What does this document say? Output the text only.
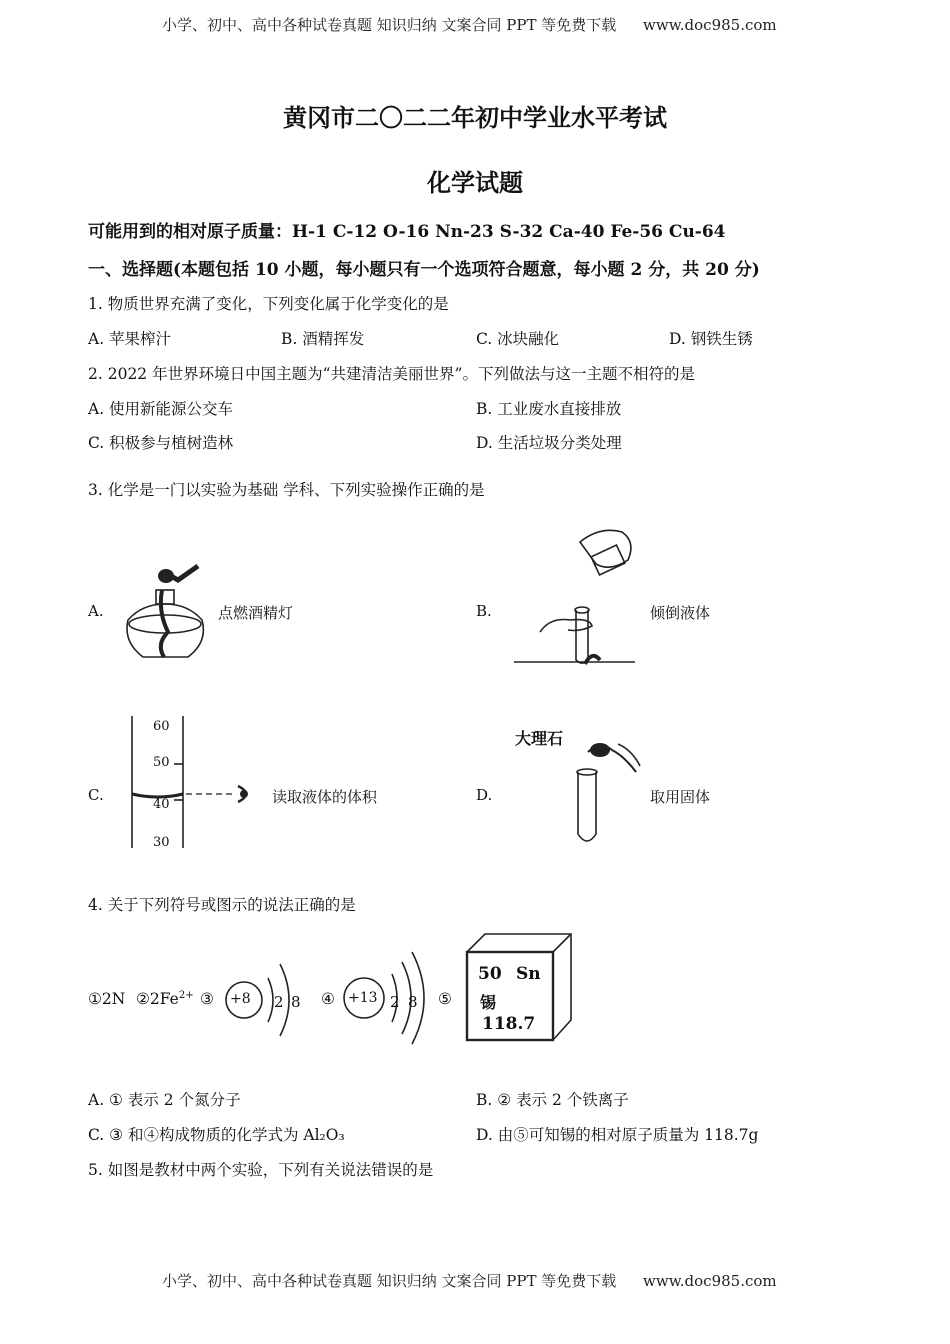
小学、初中、高中各种试卷真题 知识归纳 文案合同 PPT 等免费下载 www.doc985.com
黄冈市二〇二二年初中学业水平考试
化学试题
可能用到的相对原子质量：H-1 C-12 O-16 Nn-23 S-32 Ca-40 Fe-56 Cu-64
一、选择题(本题包括 10 小题，每小题只有一个选项符合题意，每小题 2 分，共 20 分)
1. 物质世界充满了变化，下列变化属于化学变化的是
A. 苹果榨汁	B. 酒精挥发	C. 冰块融化	D. 钢铁生锈
2. 2022 年世界环境日中国主题为“共建清洁美丽世界”。下列做法与这一主题不相符的是
A. 使用新能源公交车	B. 工业废水直接排放
C. 积极参与植树造林	D. 生活垃圾分类处理
3. 化学是一门以实验为基础 学科、下列实验操作正确的是
A.	点燃酒精灯	B.	倾倒液体
C.	读取液体的体积	D.	取用固体
60
50
40
30
大理石
4. 关于下列符号或图示的说法正确的是
①2N $②2Fe^{2+}$ ③ +8 2 8 ④ +13 2 8 ⑤
50 Sn
锡
118.7
A. ① 表示 2 个氮分子	B. ② 表示 2 个铁离子
C. ③ 和④构成物质的化学式为 Al₂O₃	D. 由⑤可知锡的相对原子质量为 118.7g
5. 如图是教材中两个实验，下列有关说法错误的是
小学、初中、高中各种试卷真题 知识归纳 文案合同 PPT 等免费下载 www.doc985.com
